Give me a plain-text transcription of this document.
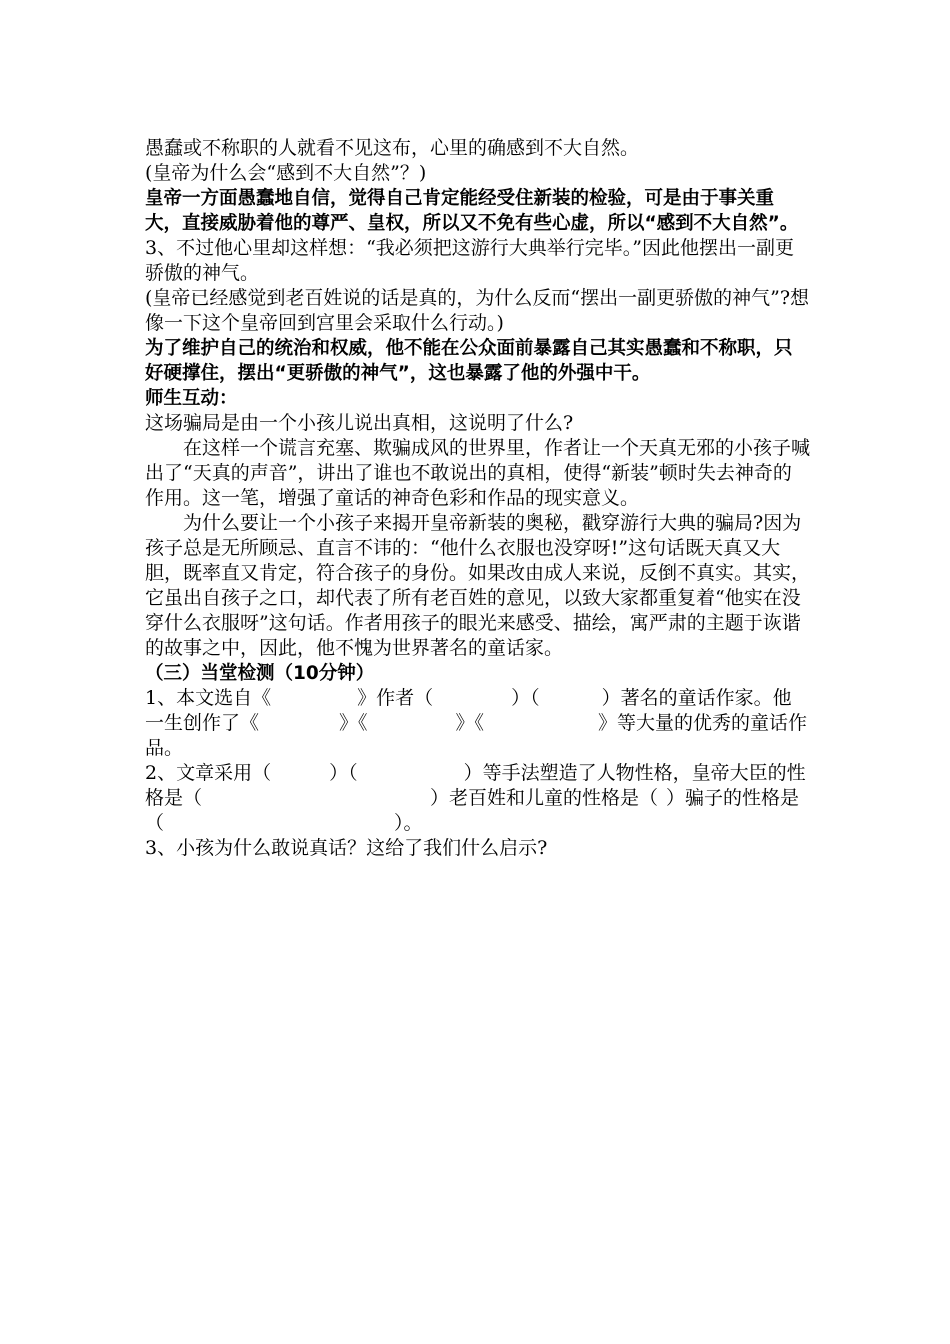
愚蠢或不称职的人就看不见这布，心里的确感到不大自然。

(皇帝为什么会“感到不大自然”？)

皇帝一方面愚蠢地自信，觉得自己肯定能经受住新装的检验，可是由于事关重大，直接威胁着他的尊严、皇权，所以又不免有些心虚，所以“感到不大自然”。

3、不过他心里却这样想：“我必须把这游行大典举行完毕。”因此他摆出一副更骄傲的神气。

(皇帝已经感觉到老百姓说的话是真的，为什么反而“摆出一副更骄傲的神气”?想像一下这个皇帝回到宫里会采取什么行动。)

为了维护自己的统治和权威，他不能在公众面前暴露自己其实愚蠢和不称职，只好硬撑住，摆出“更骄傲的神气”，这也暴露了他的外强中干。

师生互动：

这场骗局是由一个小孩儿说出真相，这说明了什么?

在这样一个谎言充塞、欺骗成风的世界里，作者让一个天真无邪的小孩子喊出了“天真的声音”，讲出了谁也不敢说出的真相，使得“新装”顿时失去神奇的作用。这一笔，增强了童话的神奇色彩和作品的现实意义。

为什么要让一个小孩子来揭开皇帝新装的奥秘，戳穿游行大典的骗局?因为孩子总是无所顾忌、直言不讳的：“他什么衣服也没穿呀!”这句话既天真又大胆，既率直又肯定，符合孩子的身份。如果改由成人来说，反倒不真实。其实，它虽出自孩子之口，却代表了所有老百姓的意见，以致大家都重复着“他实在没穿什么衣服呀”这句话。作者用孩子的眼光来感受、描绘，寓严肃的主题于诙谐的故事之中，因此，他不愧为世界著名的童话家。

（三）当堂检测（10分钟）

1、本文选自《	》作者（	）（	）著名的童话作家。他一生创作了《	》《	》《	》等大量的优秀的童话作品。

2、文章采用（	）（	）等手法塑造了人物性格，皇帝大臣的性格是（	）老百姓和儿童的性格是（ ）骗子的性格是（	）。

3、小孩为什么敢说真话？这给了我们什么启示?
